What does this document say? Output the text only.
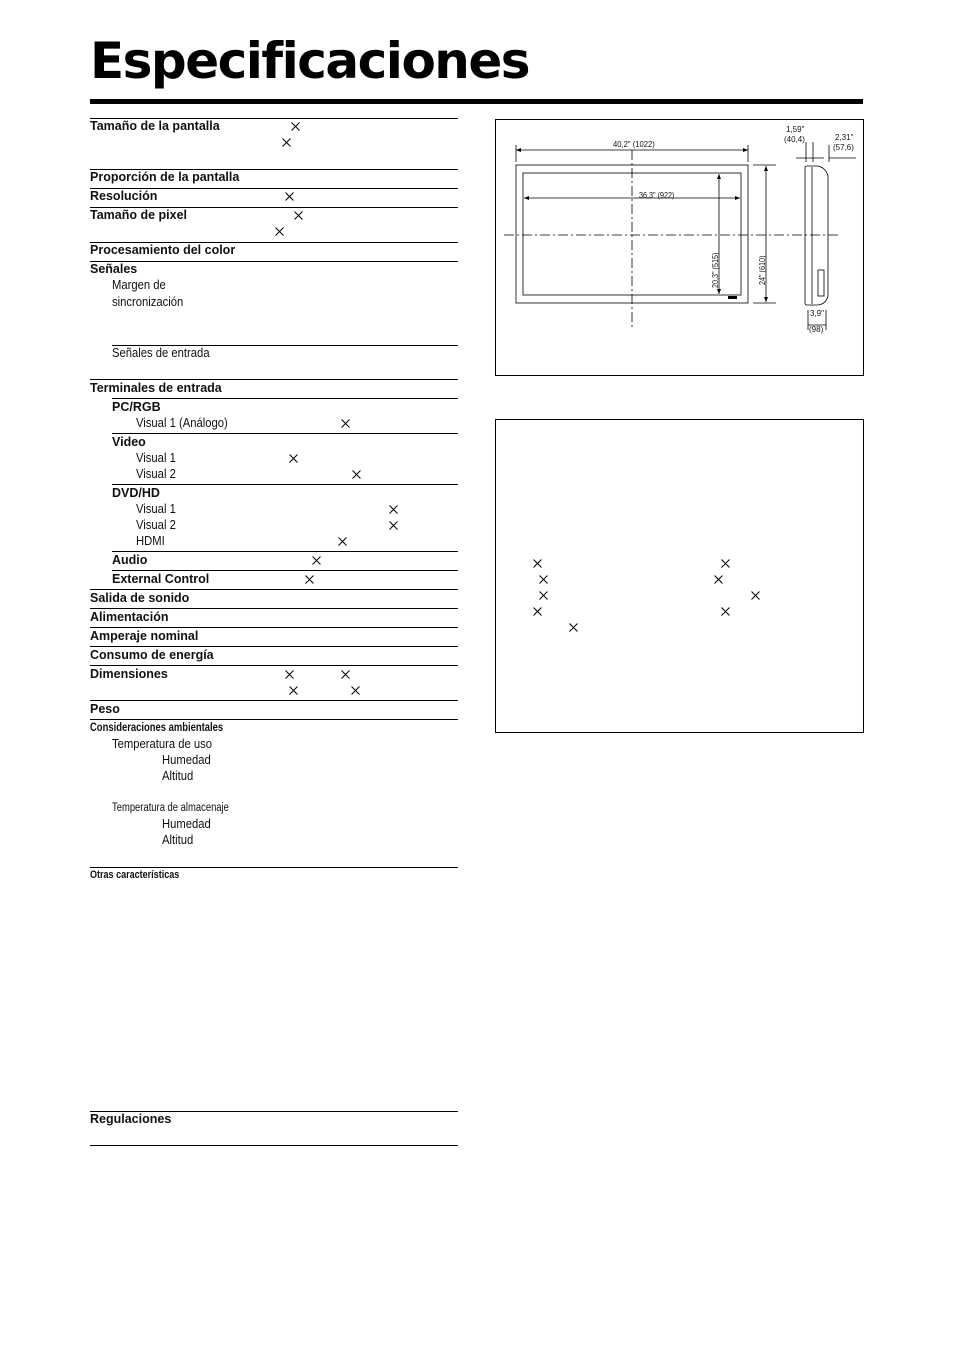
Especificaciones
Tamaño de la pantalla
Proporción de la pantalla
Resolución
Tamaño de pixel
Procesamiento del color
Señales
Margen de
sincronización
Señales de entrada
Terminales de entrada
PC/RGB
Visual 1 (Análogo)
Video
Visual 1
Visual 2
DVD/HD
Visual 1
Visual 2
HDMI
Audio
External Control
Salida de sonido
Alimentación
Amperaje nominal
Consumo de energía
Dimensiones
Peso
Consideraciones ambientales
Temperatura de uso
Humedad
Altitud
Temperatura de almacenaje
Humedad
Altitud
Otras características
Regulaciones
40,2" (1022)
36,3" (922)
20,3" (515)	24" (610)
1,59"
(40,4)	2,31"
(57,6)
3,9"
(98)
